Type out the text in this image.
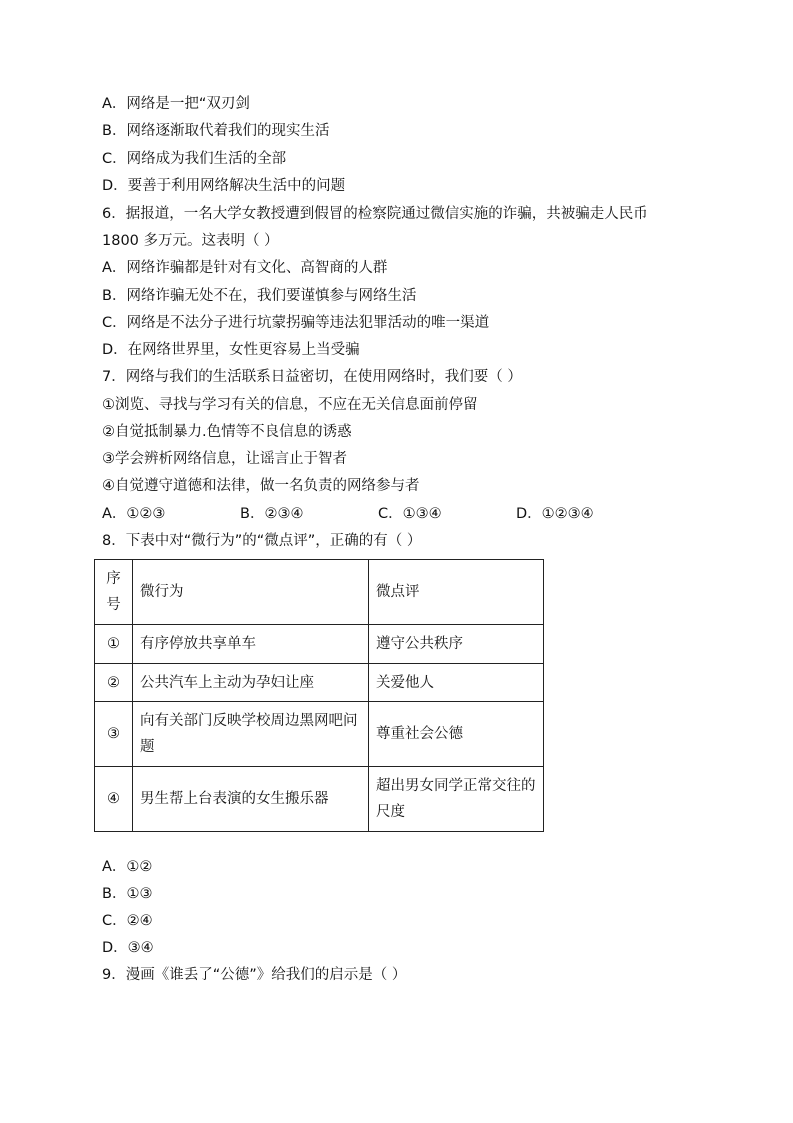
A．网络是一把“双刃剑
B．网络逐渐取代着我们的现实生活
C．网络成为我们生活的全部
D．要善于利用网络解决生活中的问题
6．据报道，一名大学女教授遭到假冒的检察院通过微信实施的诈骗，共被骗走人民币
1800 多万元。这表明（ ）
A．网络诈骗都是针对有文化、高智商的人群
B．网络诈骗无处不在，我们要谨慎参与网络生活
C．网络是不法分子进行坑蒙拐骗等违法犯罪活动的唯一渠道
D．在网络世界里，女性更容易上当受骗
7．网络与我们的生活联系日益密切，在使用网络时，我们要（ ）
①浏览、寻找与学习有关的信息，不应在无关信息面前停留
②自觉抵制暴力.色情等不良信息的诱惑
③学会辨析网络信息，让谣言止于智者
④自觉遵守道德和法律，做一名负责的网络参与者
A．①②③	B．②③④	C．①③④	D．①②③④
8．下表中对“微行为”的“微点评”，正确的有（ ）
序号	微行为	微点评
①	有序停放共享单车	遵守公共秩序
②	公共汽车上主动为孕妇让座	关爱他人
③	向有关部门反映学校周边黑网吧问题	尊重社会公德
④	男生帮上台表演的女生搬乐器	超出男女同学正常交往的尺度
A．①②
B．①③
C．②④
D．③④
9．漫画《谁丢了“公德”》给我们的启示是（ ）
